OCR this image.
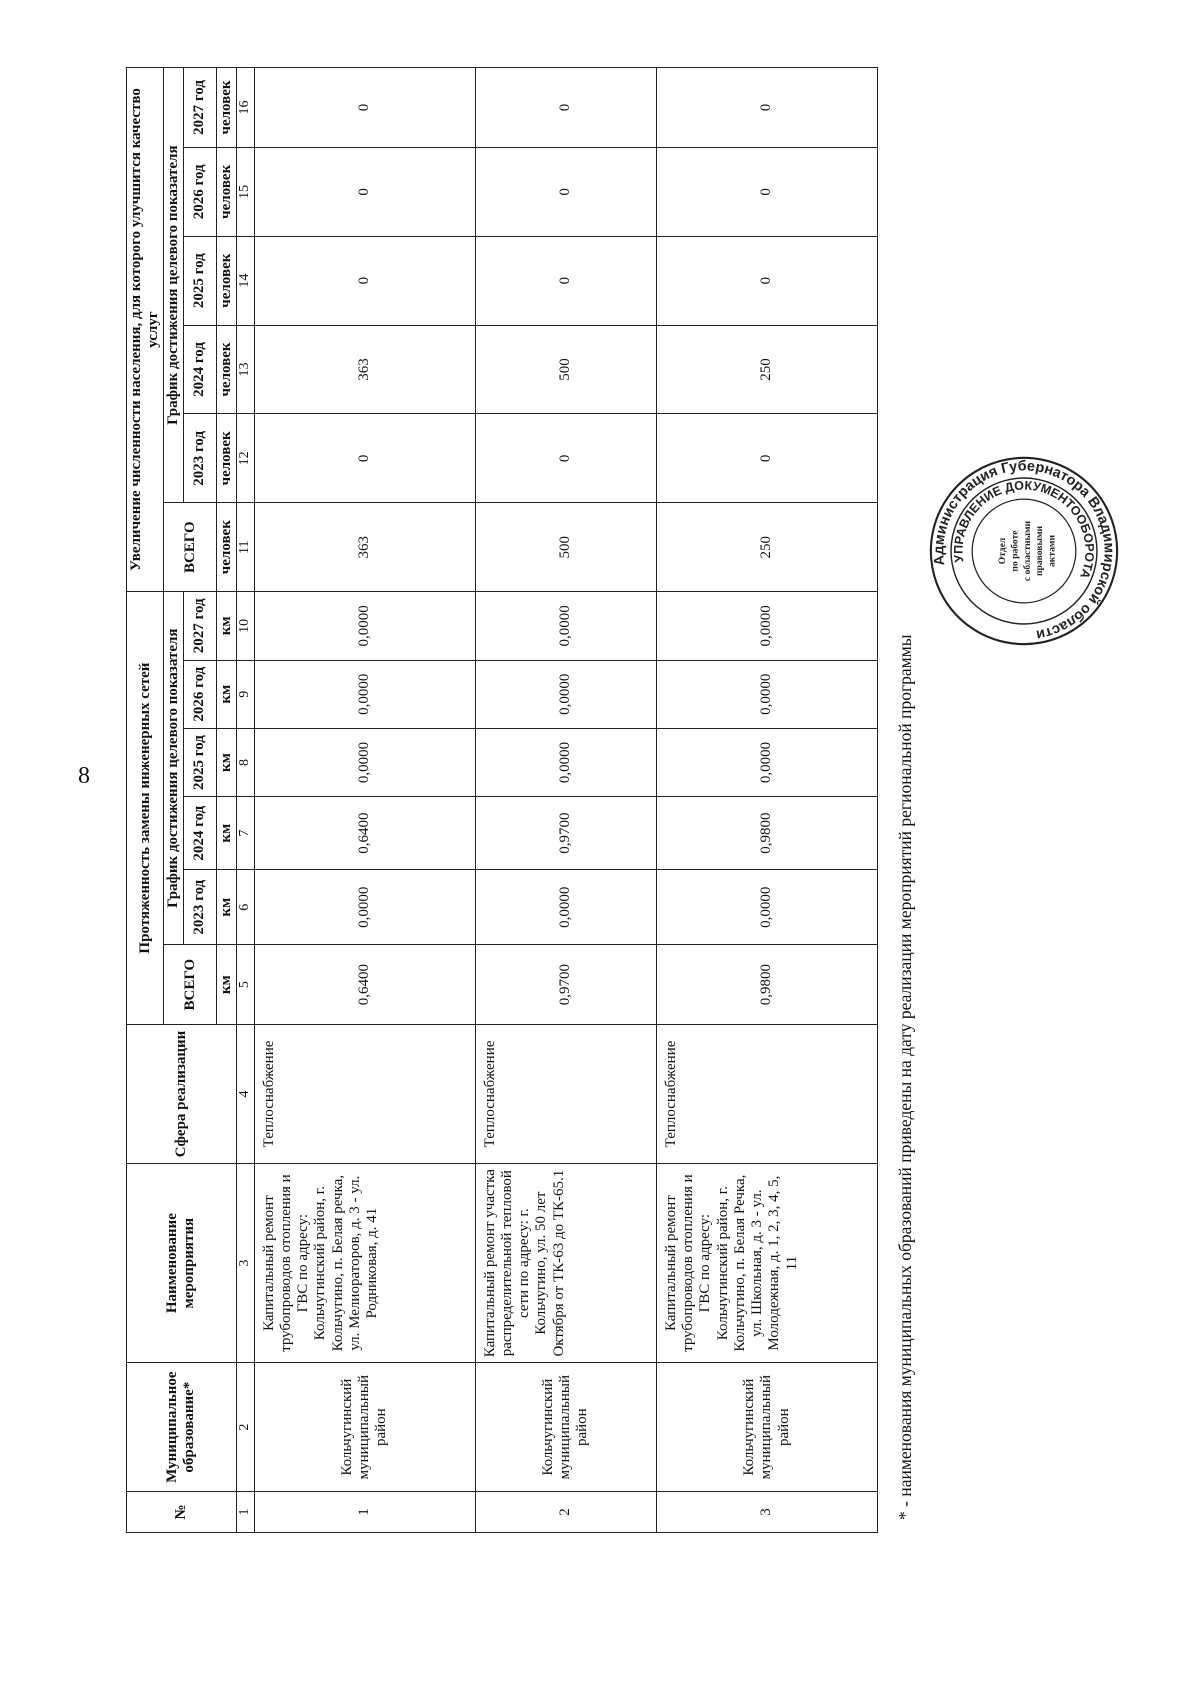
8
№	Муниципальное образование*	Наименование мероприятия	Сфера реализации	Протяженность замены инженерных сетей						Увеличение численности населения, для которого улучшится качество услуг					
				ВСЕГО	График достижения целевого показателя					ВСЕГО	График достижения целевого показателя				
					2023 год	2024 год	2025 год	2026 год	2027 год		2023 год	2024 год	2025 год	2026 год	2027 год
				км	км	км	км	км	км	человек	человек	человек	человек	человек	человек
1	2	3	4	5	6	7	8	9	10	11	12	13	14	15	16
1	Кольчугинский муниципальный район	Капитальный ремонт трубопроводов отопления и ГВС по адресу: Кольчугинский район, г. Кольчугино, п. Белая речка, ул. Мелиораторов, д. 3 - ул. Родниковая, д. 41	Теплоснабжение	0,6400	0,0000	0,6400	0,0000	0,0000	0,0000	363	0	363	0	0	0
2	Кольчугинский муниципальный район	Капитальный ремонт участка распределительной тепловой сети по адресу: г. Кольчугино, ул. 50 лет Октября от ТК-63 до ТК-65.1	Теплоснабжение	0,9700	0,0000	0,9700	0,0000	0,0000	0,0000	500	0	500	0	0	0
3	Кольчугинский муниципальный район	Капитальный ремонт трубопроводов отопления и ГВС по адресу: Кольчугинский район, г. Кольчугино, п. Белая Речка, ул. Школьная, д. 3 - ул. Молодежная, д. 1, 2, 3, 4, 5, 11	Теплоснабжение	0,9800	0,0000	0,9800	0,0000	0,0000	0,0000	250	0	250	0	0	0
* - наименования муниципальных образований приведены на дату реализации мероприятий региональной программы
Администрация Губернатора Владимирской области
УПРАВЛЕНИЕ ДОКУМЕНТООБОРОТА
Отдел по работе с областными правовыми актами
